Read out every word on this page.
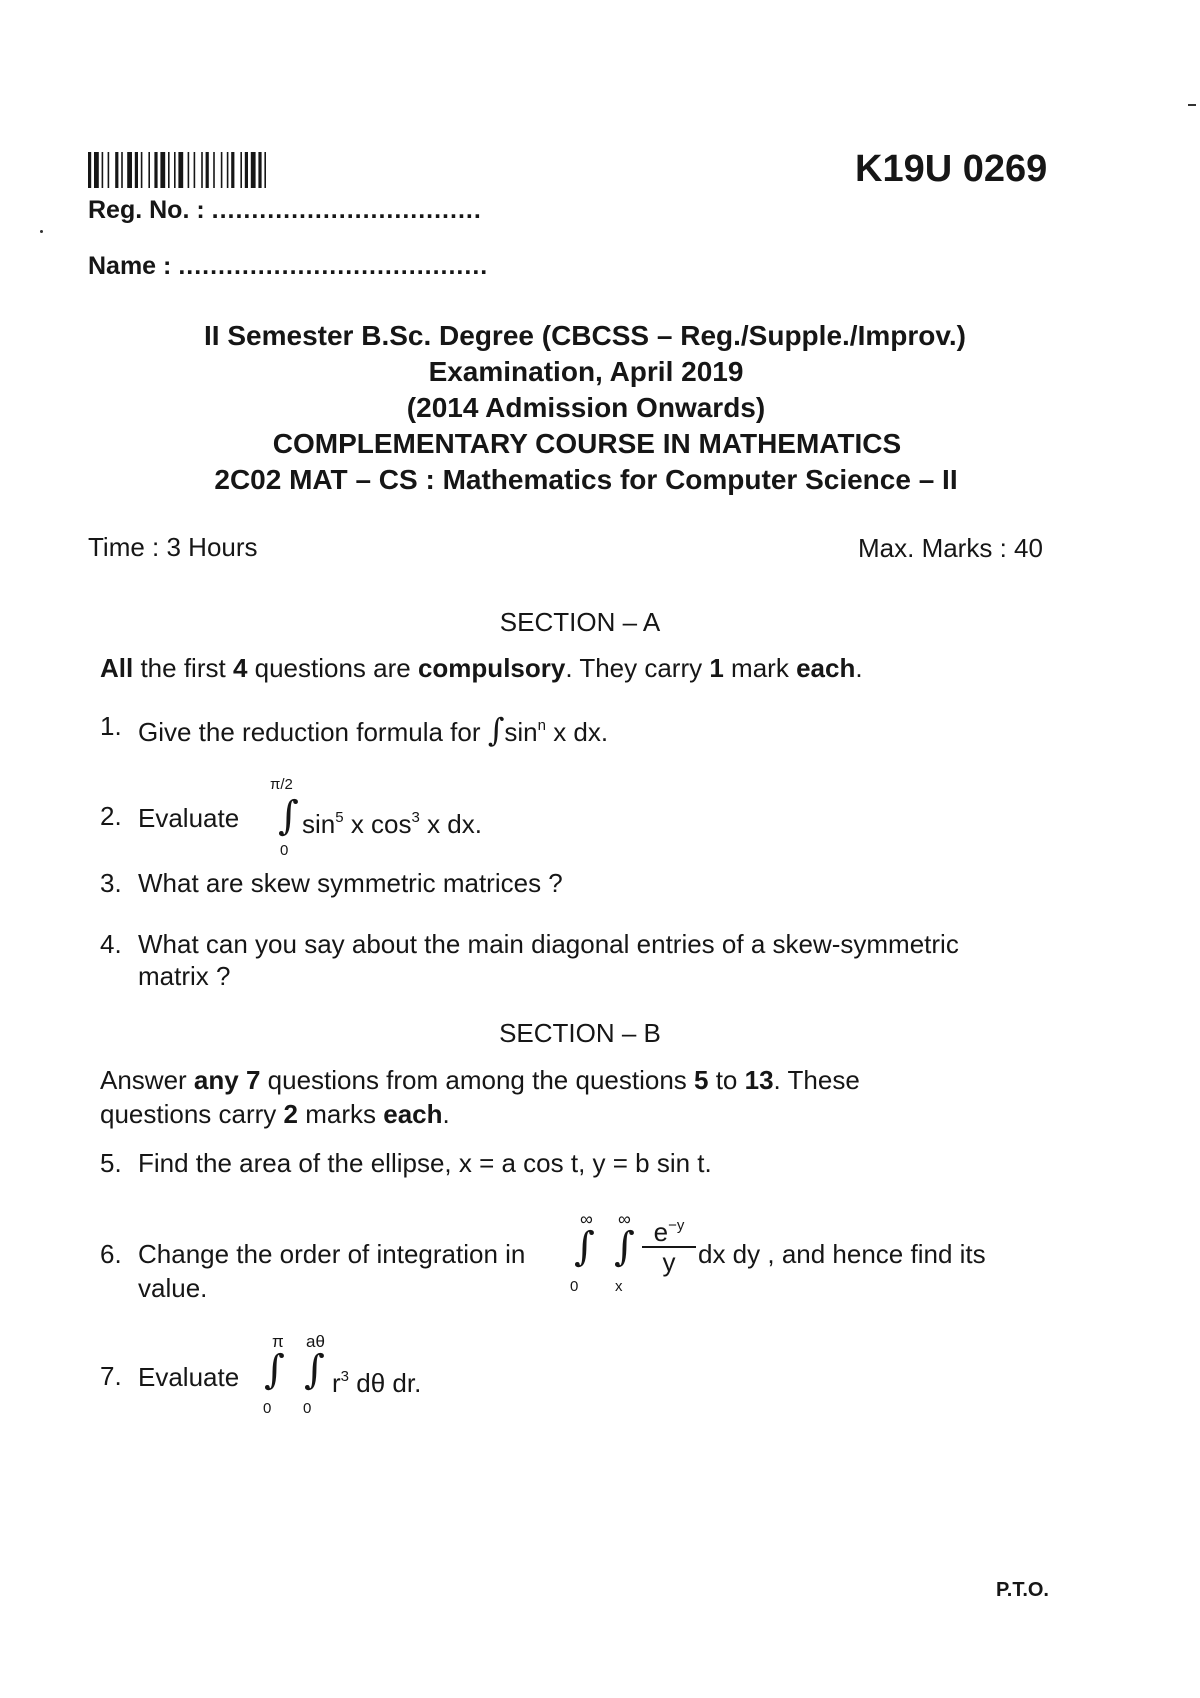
K19U 0269
Reg. No. : ..................................
Name : .......................................
II Semester B.Sc. Degree (CBCSS – Reg./Supple./Improv.)
Examination, April 2019
(2014 Admission Onwards)
COMPLEMENTARY COURSE IN MATHEMATICS
2C02 MAT – CS : Mathematics for Computer Science – II
Time : 3 Hours	Max. Marks : 40
SECTION – A
All the first 4 questions are compulsory. They carry 1 mark each.
1. Give the reduction formula for $\int\sin^n$ x dx.
2. Evaluate
π/2
∫
0
$\sin^5 x$ $\cos^3 x$ dx.
3. What are skew symmetric matrices ?
4. What can you say about the main diagonal entries of a skew-symmetric
matrix ?
SECTION – B
Answer any 7 questions from among the questions 5 to 13. These
questions carry 2 marks each.
5. Find the area of the ellipse, x = a cos t, y = b sin t.
6. Change the order of integration in
∞
∫
0
∞
∫
x
$\frac{e^{-y}}{y}$ dx dy , and hence find its
value.
7. Evaluate
π
∫
0
aθ
∫
0
$r^3$ dθ dr.
P.T.O.
